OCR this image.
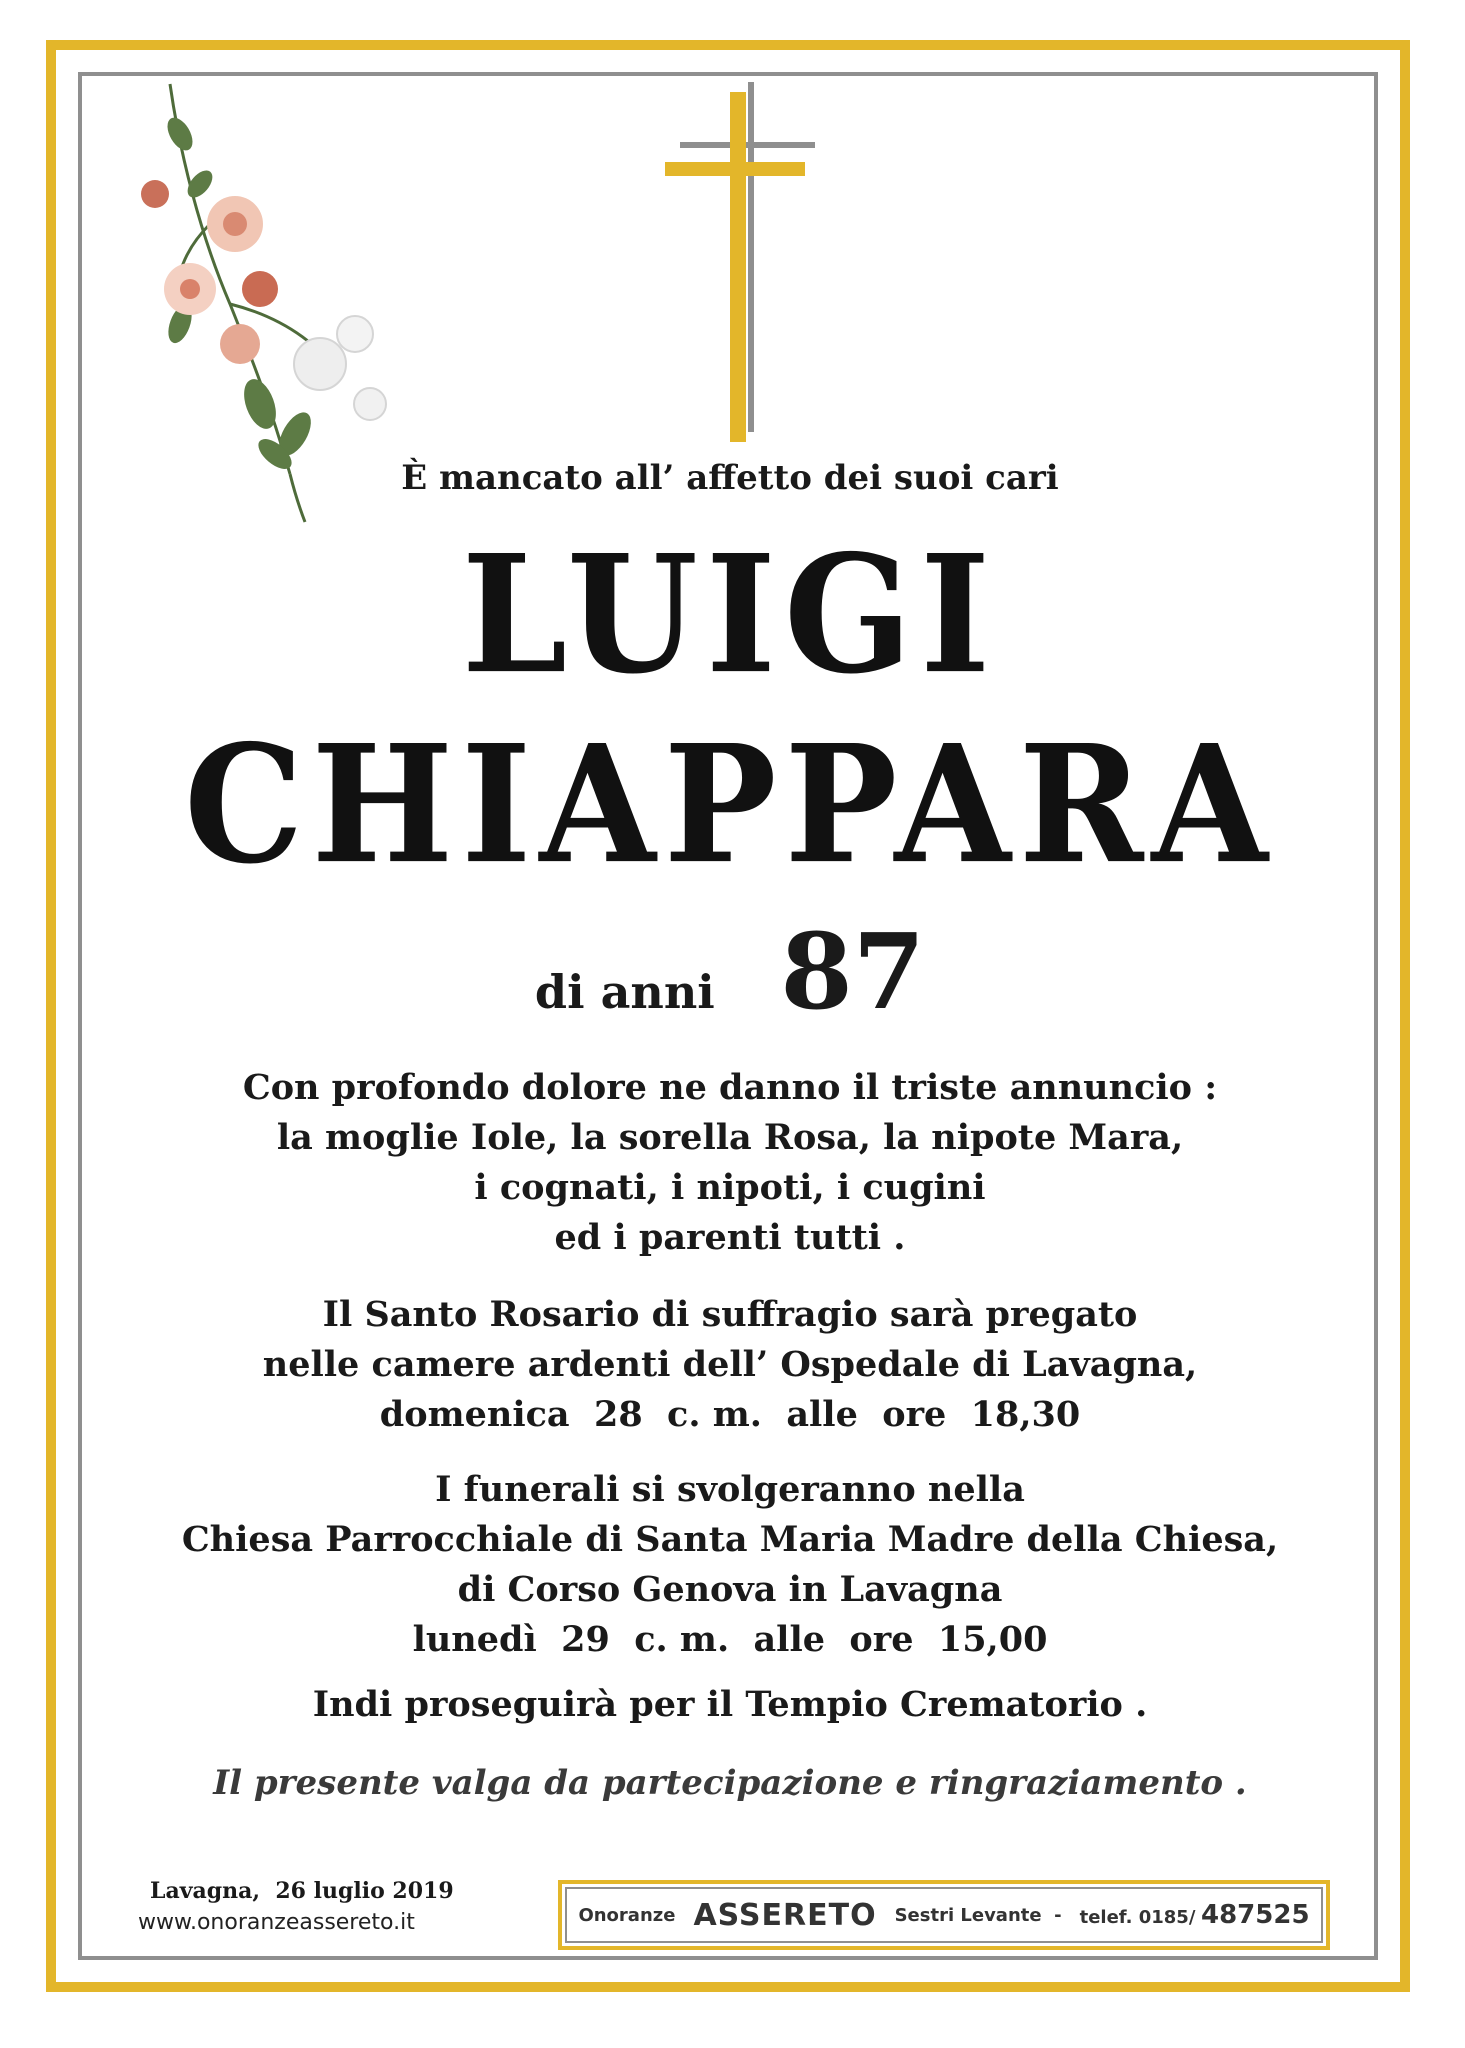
È mancato all’ affetto dei suoi cari
LUIGI
CHIAPPARA
di anni 87
Con profondo dolore ne danno il triste annuncio :
la moglie Iole, la sorella Rosa, la nipote Mara,
i cognati, i nipoti, i cugini
ed i parenti tutti .
Il Santo Rosario di suffragio sarà pregato
nelle camere ardenti dell’ Ospedale di Lavagna,
domenica  28  c. m.  alle  ore  18,30
I funerali si svolgeranno nella
Chiesa Parrocchiale di Santa Maria Madre della Chiesa,
di Corso Genova in Lavagna
lunedì  29  c. m.  alle  ore  15,00
Indi proseguirà per il Tempio Crematorio .
Il presente valga da partecipazione e ringraziamento .
Lavagna,  26 luglio 2019
www.onoranzeassereto.it	Onoranze ASSERETO Sestri Levante  - telef. 0185/ 487525
